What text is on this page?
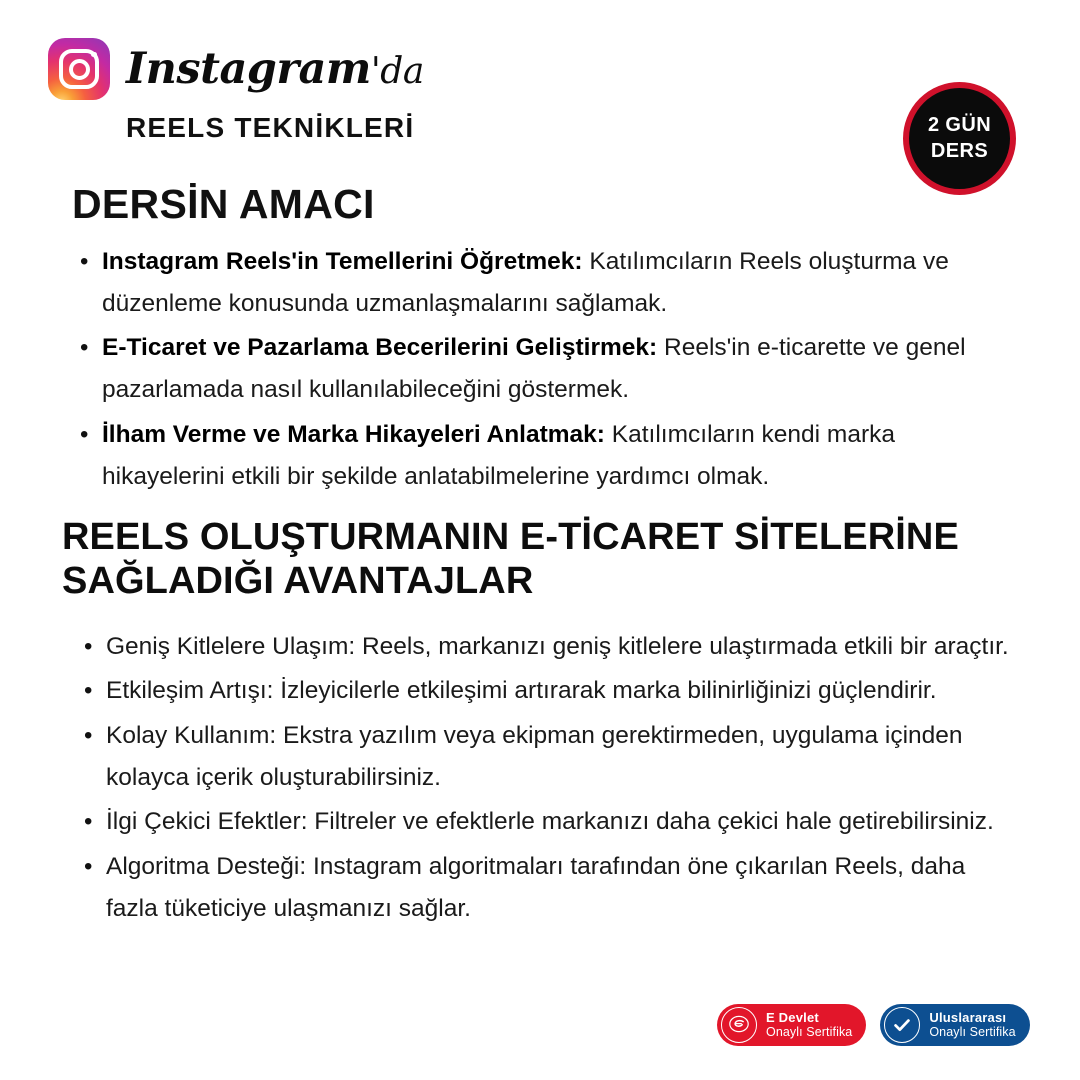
Instagram'da
REELS TEKNİKLERİ	2 GÜN
DERS
DERSİN AMACI
• Instagram Reels'in Temellerini Öğretmek: Katılımcıların Reels oluşturma ve düzenleme konusunda uzmanlaşmalarını sağlamak.
• E-Ticaret ve Pazarlama Becerilerini Geliştirmek: Reels'in e-ticarette ve genel pazarlamada nasıl kullanılabileceğini göstermek.
• İlham Verme ve Marka Hikayeleri Anlatmak: Katılımcıların kendi marka hikayelerini etkili bir şekilde anlatabilmelerine yardımcı olmak.
REELS OLUŞTURMANIN E-TİCARET SİTELERİNE SAĞLADIĞI AVANTAJLAR
• Geniş Kitlelere Ulaşım: Reels, markanızı geniş kitlelere ulaştırmada etkili bir araçtır.
• Etkileşim Artışı: İzleyicilerle etkileşimi artırarak marka bilinirliğinizi güçlendirir.
• Kolay Kullanım: Ekstra yazılım veya ekipman gerektirmeden, uygulama içinden kolayca içerik oluşturabilirsiniz.
• İlgi Çekici Efektler: Filtreler ve efektlerle markanızı daha çekici hale getirebilirsiniz.
• Algoritma Desteği: Instagram algoritmaları tarafından öne çıkarılan Reels, daha fazla tüketiciye ulaşmanızı sağlar.
E Devlet
Onaylı Sertifika
Uluslararası
Onaylı Sertifika
